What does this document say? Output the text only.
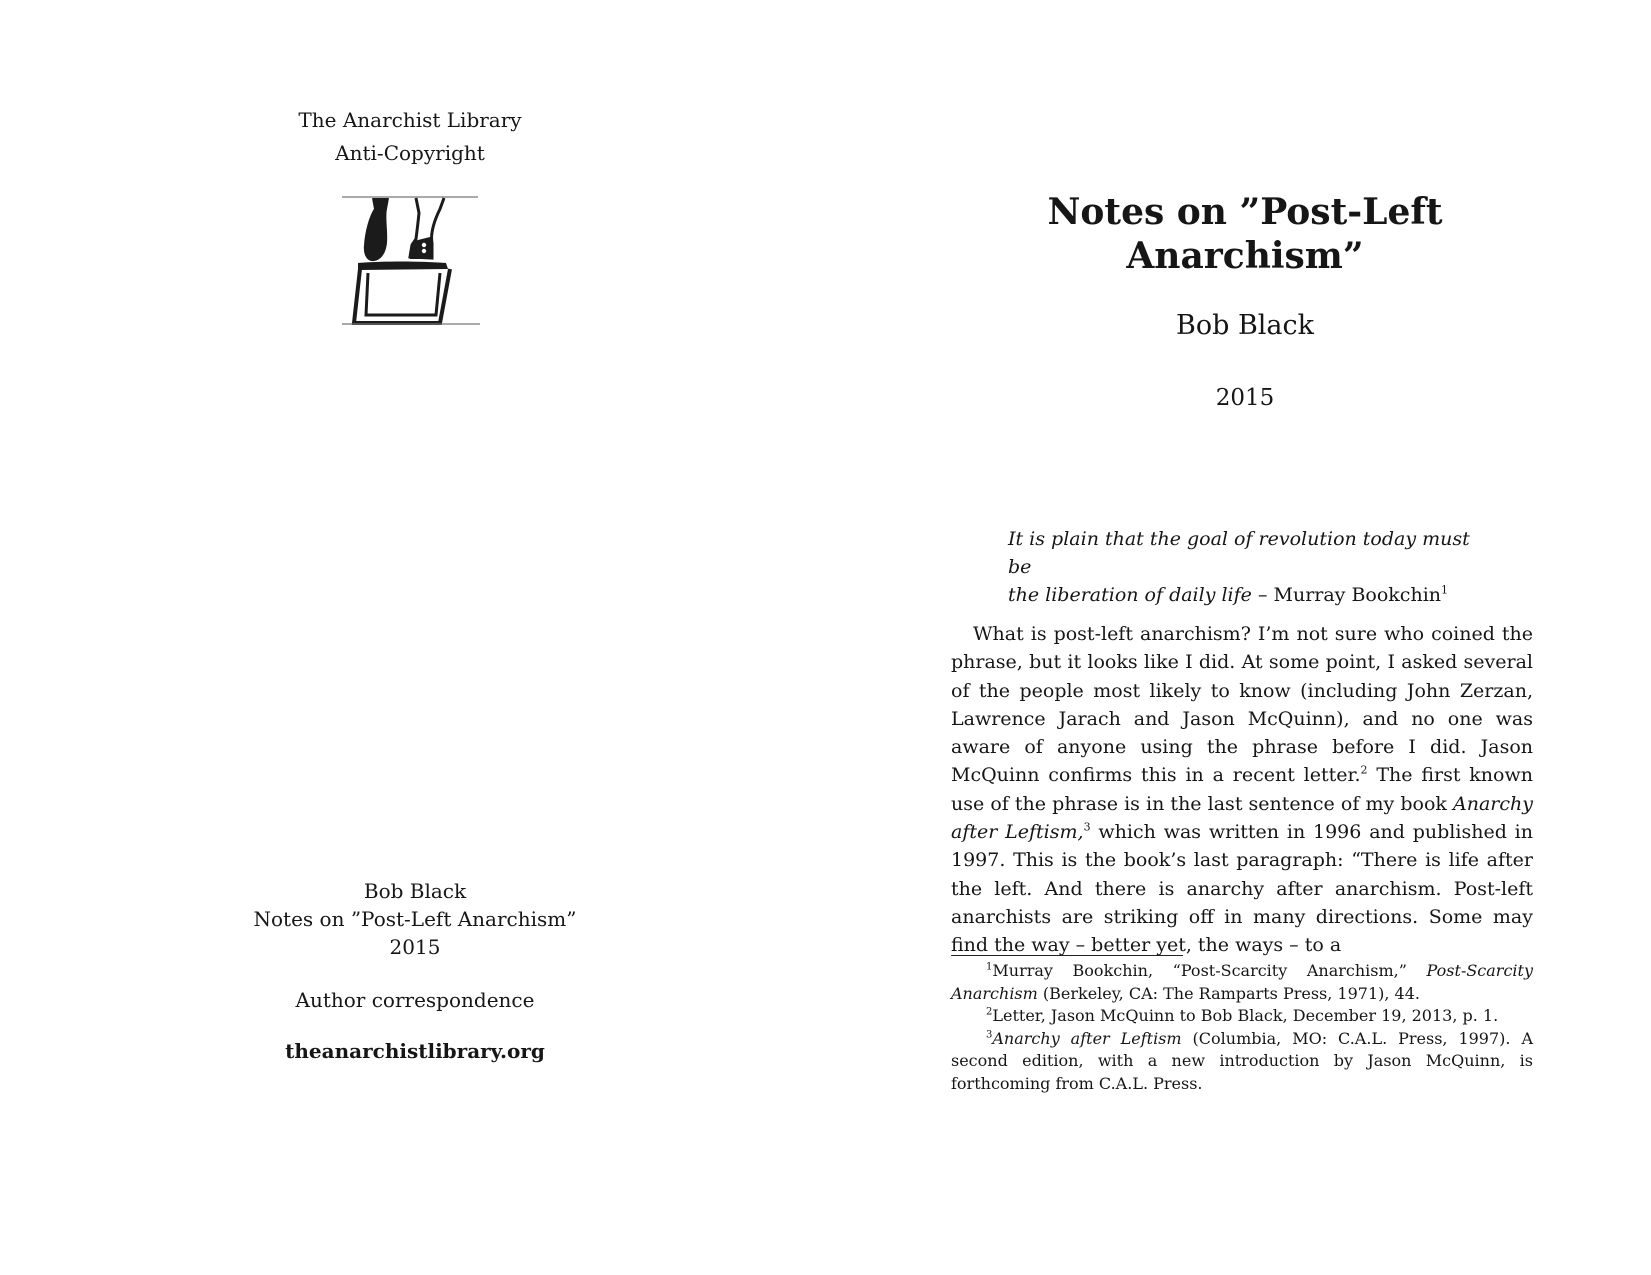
The Anarchist Library
Anti-Copyright
Bob Black
Notes on ”Post-Left Anarchism”
2015
Author correspondence
theanarchistlibrary.org
Notes on ”Post-Left Anarchism”
Bob Black
2015
It is plain that the goal of revolution today must be
the liberation of daily life – Murray Bookchin$^1$

What is post-left anarchism? I’m not sure who coined the phrase, but it looks like I did. At some point, I asked several of the people most likely to know (including John Zerzan, Lawrence Jarach and Jason McQuinn), and no one was aware of anyone using the phrase before I did. Jason McQuinn confirms this in a recent letter.$^2$ The first known use of the phrase is in the last sentence of my book Anarchy after Leftism,$^3$ which was written in 1996 and published in 1997. This is the book’s last paragraph: “There is life after the left. And there is anarchy after anarchism. Post-left anarchists are striking off in many directions. Some may find the way – better yet, the ways – to a

$^1$Murray Bookchin, “Post-Scarcity Anarchism,” Post-Scarcity Anarchism (Berkeley, CA: The Ramparts Press, 1971), 44.

$^2$Letter, Jason McQuinn to Bob Black, December 19, 2013, p. 1.

$^3$Anarchy after Leftism (Columbia, MO: C.A.L. Press, 1997). A second edition, with a new introduction by Jason McQuinn, is forthcoming from C.A.L. Press.
